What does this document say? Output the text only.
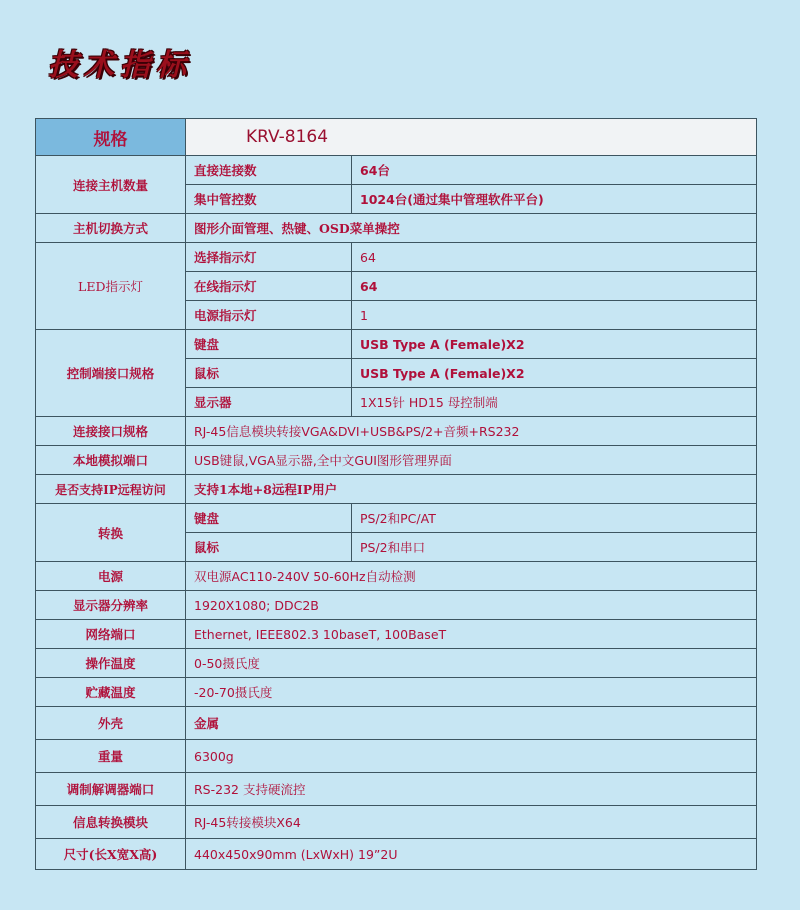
技术指标
规格	KRV-8164	
连接主机数量	直接连接数	64台
	集中管控数	1024台(通过集中管理软件平台)
主机切换方式	图形介面管理、热键、OSD菜单操控	
LED指示灯	选择指示灯	64
	在线指示灯	64
	电源指示灯	1
控制端接口规格	键盘	USB Type A (Female)X2
	鼠标	USB Type A (Female)X2
	显示器	1X15针 HD15 母控制端
连接接口规格	RJ-45信息模块转接VGA&DVI+USB&PS/2+音频+RS232	
本地模拟端口	USB键鼠,VGA显示器,全中文GUI图形管理界面	
是否支持IP远程访问	支持1本地+8远程IP用户	
转换	键盘	PS/2和PC/AT
	鼠标	PS/2和串口
电源	双电源AC110-240V 50-60Hz自动检测	
显示器分辨率	1920X1080; DDC2B	
网络端口	Ethernet, IEEE802.3 10baseT, 100BaseT	
操作温度	0-50摄氏度	
贮藏温度	-20-70摄氏度	
外壳	金属	
重量	6300g	
调制解调器端口	RS-232 支持硬流控	
信息转换模块	RJ-45转接模块X64	
尺寸(长X宽X高)	440x450x90mm (LxWxH) 19”2U	
